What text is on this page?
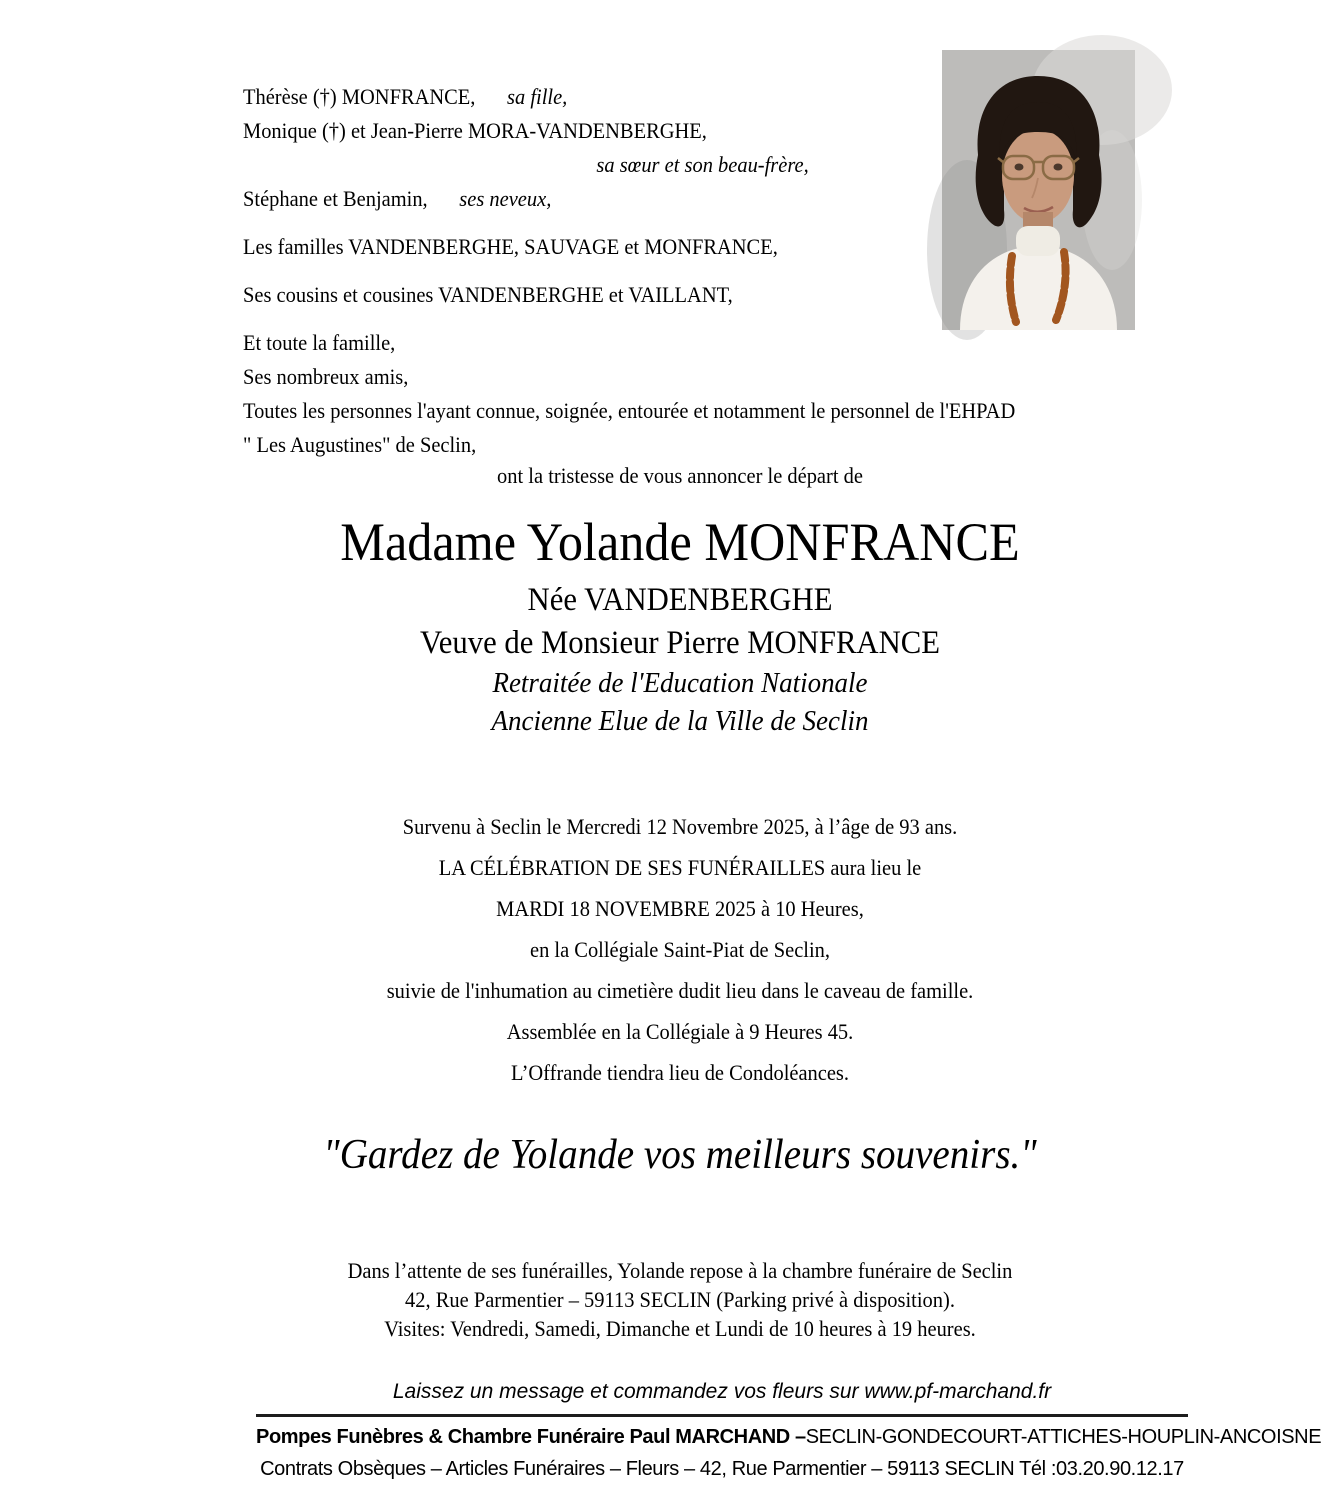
Thérèse (†) MONFRANCE, sa fille,
Monique (†) et Jean-Pierre MORA-VANDENBERGHE,
sa sœur et son beau-frère,
Stéphane et Benjamin, ses neveux,
Les familles VANDENBERGHE, SAUVAGE et MONFRANCE,
Ses cousins et cousines VANDENBERGHE et VAILLANT,
Et toute la famille,
Ses nombreux amis,
Toutes les personnes l'ayant connue, soignée, entourée et notamment le personnel de l'EHPAD
" Les Augustines" de Seclin,
ont la tristesse de vous annoncer le départ de
Madame Yolande MONFRANCE
Née VANDENBERGHE
Veuve de Monsieur Pierre MONFRANCE
Retraitée de l'Education Nationale
Ancienne Elue de la Ville de Seclin
Survenu à Seclin le Mercredi 12 Novembre 2025, à l’âge de 93 ans.
LA CÉLÉBRATION DE SES FUNÉRAILLES aura lieu le
MARDI 18 NOVEMBRE 2025 à 10 Heures,
en la Collégiale Saint-Piat de Seclin,
suivie de l'inhumation au cimetière dudit lieu dans le caveau de famille.
Assemblée en la Collégiale à 9 Heures 45.
L’Offrande tiendra lieu de Condoléances.
"Gardez de Yolande vos meilleurs souvenirs."
Dans l’attente de ses funérailles, Yolande repose à la chambre funéraire de Seclin
42, Rue Parmentier – 59113 SECLIN (Parking privé à disposition).
Visites: Vendredi, Samedi, Dimanche et Lundi de 10 heures à 19 heures.
Laissez un message et commandez vos fleurs sur www.pf-marchand.fr
Pompes Funèbres & Chambre Funéraire Paul MARCHAND –SECLIN-GONDECOURT-ATTICHES-HOUPLIN-ANCOISNE
Contrats Obsèques – Articles Funéraires – Fleurs – 42, Rue Parmentier – 59113 SECLIN Tél :03.20.90.12.17
